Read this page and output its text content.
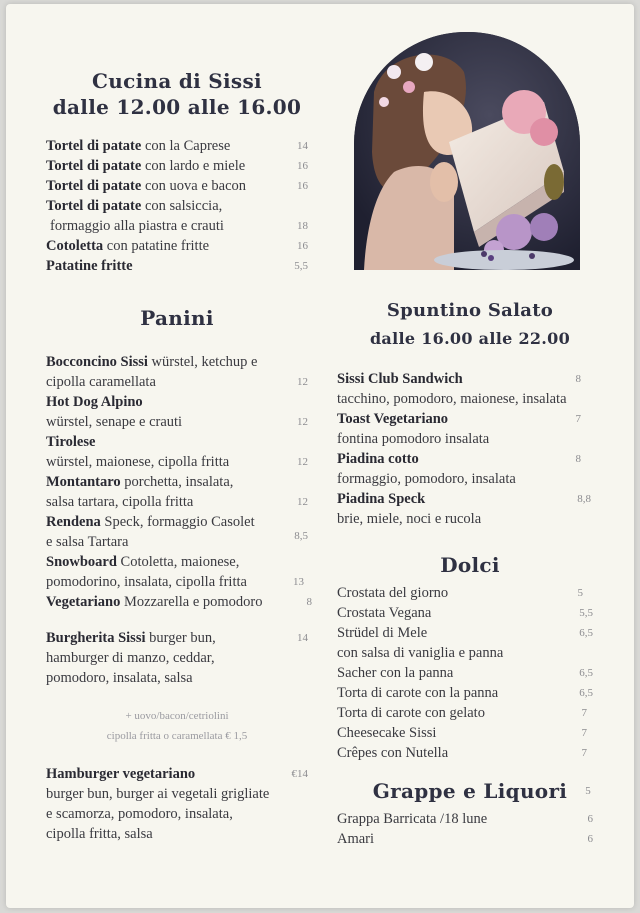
Cucina di Sissi
dalle 12.00 alle 16.00
Tortel di patate con la Caprese	14
Tortel di patate con lardo e miele	16
Tortel di patate con uova e bacon	16
Tortel di patate con salsiccia,
formaggio alla piastra e crauti	18
Cotoletta con patatine fritte	16
Patatine fritte	5,5
Panini
Bocconcino Sissi würstel, ketchup e
cipolla caramellata	12
Hot Dog Alpino
würstel, senape e crauti	12
Tirolese
würstel, maionese, cipolla fritta	12
Montantaro porchetta, insalata,
salsa tartara, cipolla fritta	12
Rendena Speck, formaggio Casolet
e salsa Tartara	8,5
Snowboard Cotoletta, maionese,
pomodorino, insalata, cipolla fritta	13
Vegetariano Mozzarella e pomodoro	8
Burgherita Sissi burger bun,	14
hamburger di manzo, ceddar,
pomodoro, insalata, salsa
+ uovo/bacon/cetriolini
cipolla fritta o caramellata € 1,5
Hamburger vegetariano	€14
burger bun, burger ai vegetali grigliate
e scamorza, pomodoro, insalata,
cipolla fritta, salsa
Spuntino Salato
dalle 16.00 alle 22.00
Sissi Club Sandwich	8
tacchino, pomodoro, maionese, insalata
Toast Vegetariano	7
fontina pomodoro insalata
Piadina cotto	8
formaggio, pomodoro, insalata
Piadina Speck	8,8
brie, miele, noci e rucola
Dolci
Crostata del giorno	5
Crostata Vegana	5,5
Strüdel di Mele	6,5
con salsa di vaniglia e panna
Sacher con la panna	6,5
Torta di carote con la panna	6,5
Torta di carote con gelato	7
Cheesecake Sissi	7
Crêpes con Nutella	7
Grappe e Liquori 5
Grappa Barricata /18 lune	6
Amari	6
